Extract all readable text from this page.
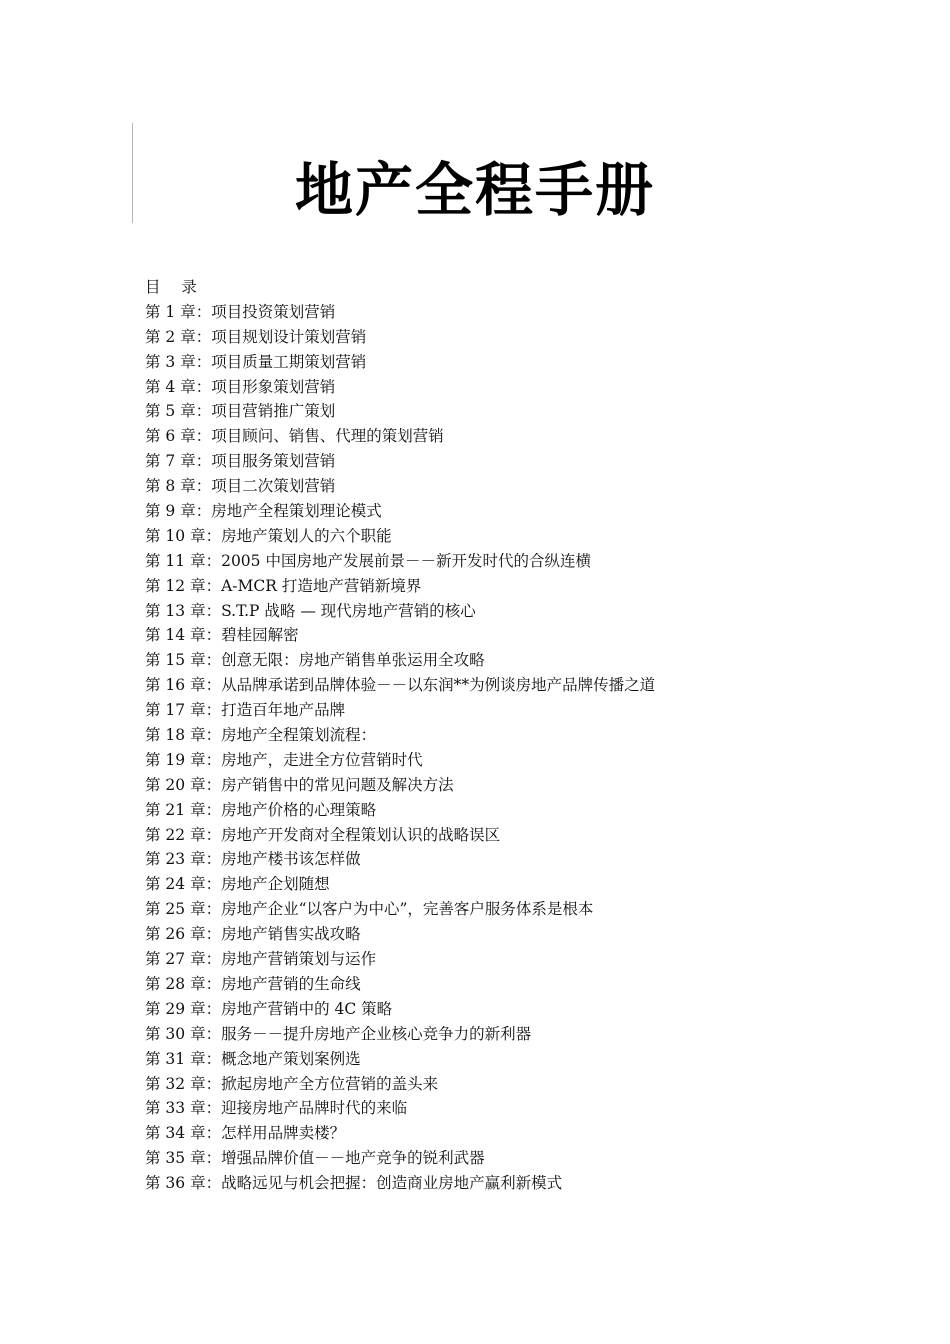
地产全程手册
目 录
第 1 章：项目投资策划营销
第 2 章：项目规划设计策划营销
第 3 章：项目质量工期策划营销
第 4 章：项目形象策划营销
第 5 章：项目营销推广策划
第 6 章：项目顾问、销售、代理的策划营销
第 7 章：项目服务策划营销
第 8 章：项目二次策划营销
第 9 章：房地产全程策划理论模式
第 10 章：房地产策划人的六个职能
第 11 章：2005 中国房地产发展前景－－新开发时代的合纵连横
第 12 章：A-MCR 打造地产营销新境界
第 13 章：S.T.P 战略 — 现代房地产营销的核心
第 14 章：碧桂园解密
第 15 章：创意无限：房地产销售单张运用全攻略
第 16 章：从品牌承诺到品牌体验－－以东润**为例谈房地产品牌传播之道
第 17 章：打造百年地产品牌
第 18 章：房地产全程策划流程：
第 19 章：房地产，走进全方位营销时代
第 20 章：房产销售中的常见问题及解决方法
第 21 章：房地产价格的心理策略
第 22 章：房地产开发商对全程策划认识的战略误区
第 23 章：房地产楼书该怎样做
第 24 章：房地产企划随想
第 25 章：房地产企业“以客户为中心”，完善客户服务体系是根本
第 26 章：房地产销售实战攻略
第 27 章：房地产营销策划与运作
第 28 章：房地产营销的生命线
第 29 章：房地产营销中的 4C 策略
第 30 章：服务－－提升房地产企业核心竞争力的新利器
第 31 章：概念地产策划案例选
第 32 章：掀起房地产全方位营销的盖头来
第 33 章：迎接房地产品牌时代的来临
第 34 章：怎样用品牌卖楼？
第 35 章：增强品牌价值－－地产竞争的锐利武器
第 36 章：战略远见与机会把握：创造商业房地产赢利新模式
